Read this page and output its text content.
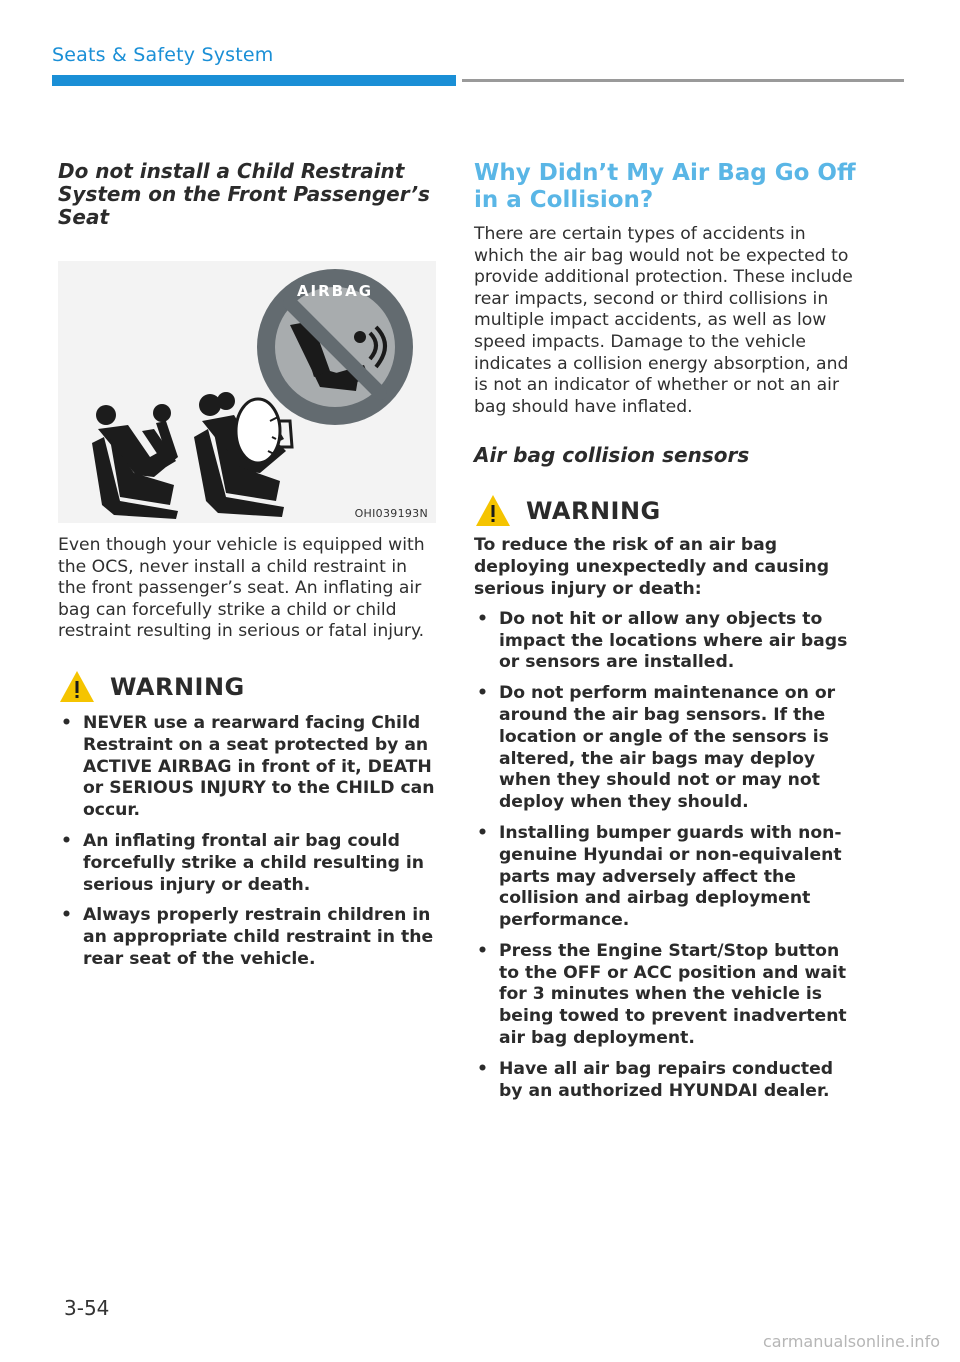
Seats & Safety System
Do not install a Child Restraint System on the Front Passenger’s Seat
AIRBAG
OHI039193N

Even though your vehicle is equipped with the OCS, never install a child restraint in the front passenger’s seat. An inflating air bag can forcefully strike a child or child restraint resulting in serious or fatal injury.

WARNING
• NEVER use a rearward facing Child Restraint on a seat protected by an ACTIVE AIRBAG in front of it, DEATH or SERIOUS INJURY to the CHILD can occur.
• An inflating frontal air bag could forcefully strike a child resulting in serious injury or death.
• Always properly restrain children in an appropriate child restraint in the rear seat of the vehicle.
Why Didn’t My Air Bag Go Off in a Collision?

There are certain types of accidents in which the air bag would not be expected to provide additional protection. These include rear impacts, second or third collisions in multiple impact accidents, as well as low speed impacts. Damage to the vehicle indicates a collision energy absorption, and is not an indicator of whether or not an air bag should have inflated.

Air bag collision sensors
WARNING

To reduce the risk of an air bag deploying unexpectedly and causing serious injury or death:

• Do not hit or allow any objects to impact the locations where air bags or sensors are installed.
• Do not perform maintenance on or around the air bag sensors. If the location or angle of the sensors is altered, the air bags may deploy when they should not or may not deploy when they should.
• Installing bumper guards with non-genuine Hyundai or non-equivalent parts may adversely affect the collision and airbag deployment performance.
• Press the Engine Start/Stop button to the OFF or ACC position and wait for 3 minutes when the vehicle is being towed to prevent inadvertent air bag deployment.
• Have all air bag repairs conducted by an authorized HYUNDAI dealer.
3-54
carmanualsonline.info
